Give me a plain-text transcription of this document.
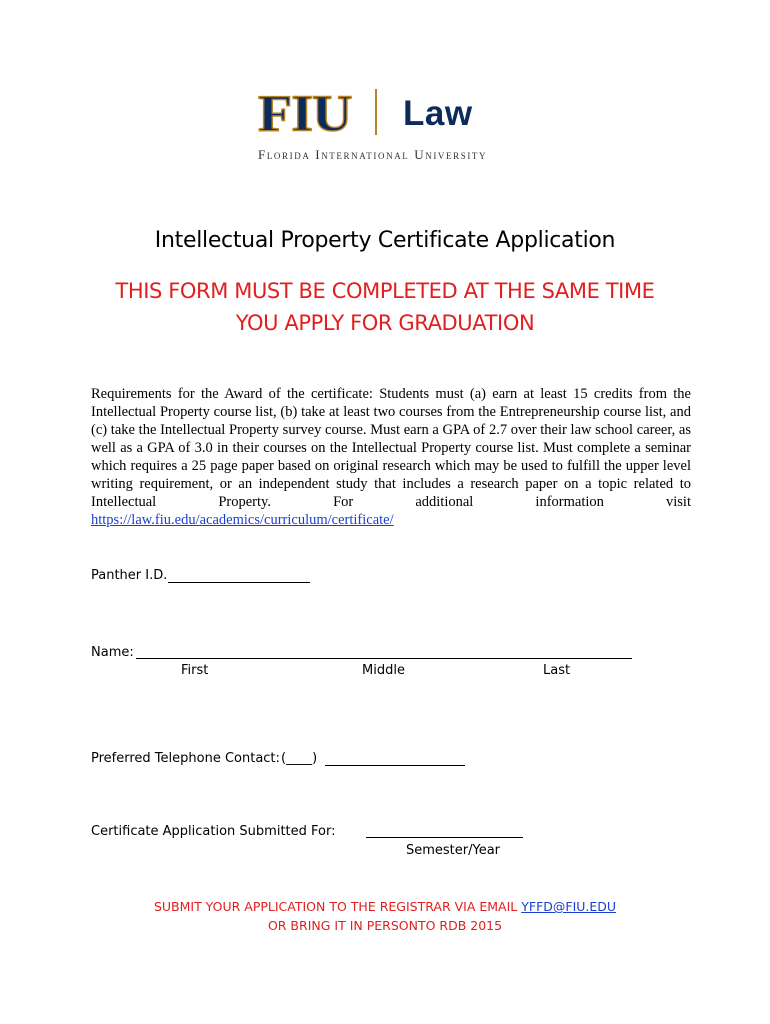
FIU Law
Florida International University
Intellectual Property Certificate Application
THIS FORM MUST BE COMPLETED AT THE SAME TIME
YOU APPLY FOR GRADUATION

Requirements for the Award of the certificate: Students must (a) earn at least 15 credits from the Intellectual Property course list, (b) take at least two courses from the Entrepreneurship course list, and (c) take the Intellectual Property survey course. Must earn a GPA of 2.7 over their law school career, as well as a GPA of 3.0 in their courses on the Intellectual Property course list. Must complete a seminar which requires a 25 page paper based on original research which may be used to fulfill the upper level writing requirement, or an independent study that includes a research paper on a topic related to Intellectual Property. For additional information visit https://law.fiu.edu/academics/curriculum/certificate/

Panther I.D.
Name:
First	Middle	Last
Preferred Telephone Contact: (____)
Certificate Application Submitted For:
Semester/Year
SUBMIT YOUR APPLICATION TO THE REGISTRAR VIA EMAIL YFFD@FIU.EDU
OR BRING IT IN PERSONTO RDB 2015
